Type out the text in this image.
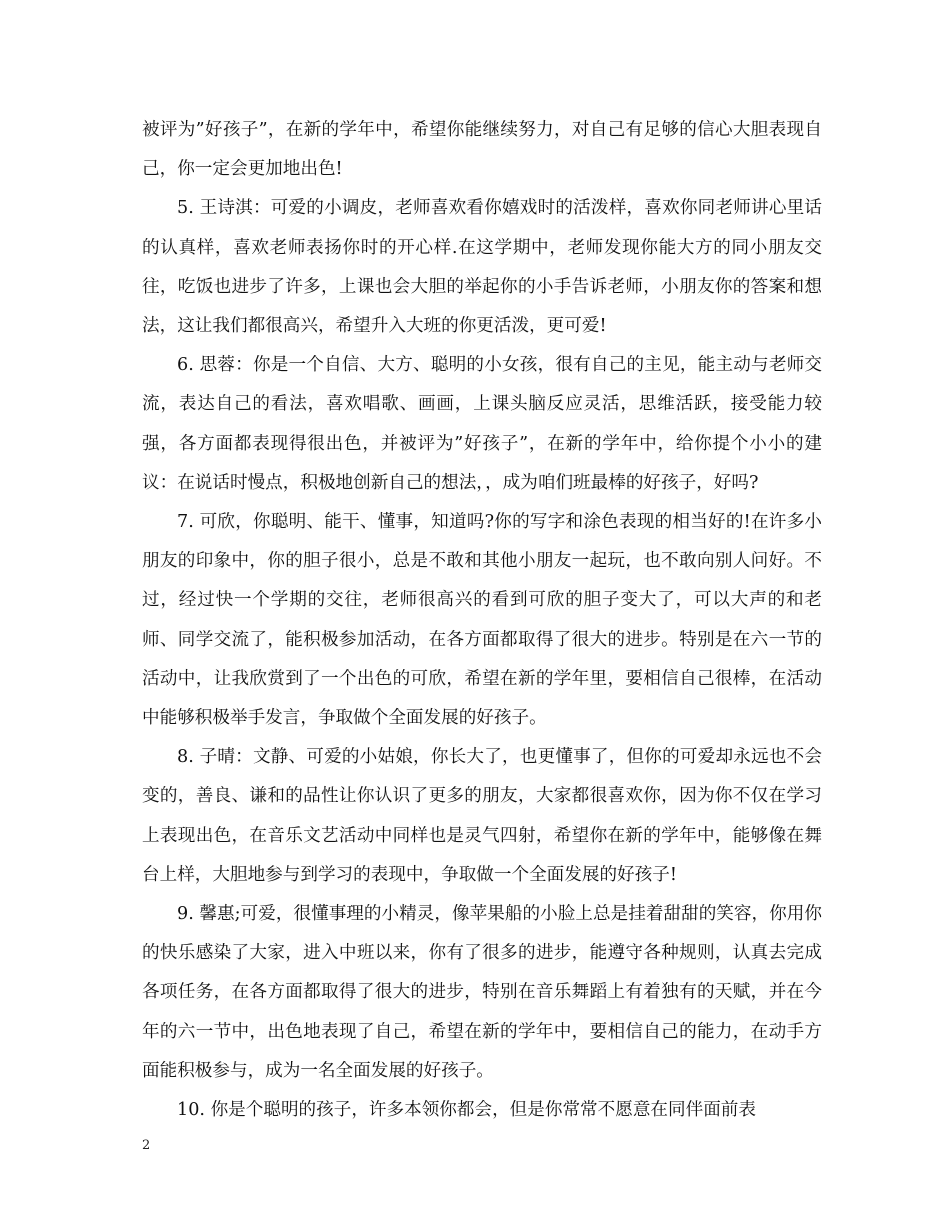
被评为”好孩子”，在新的学年中，希望你能继续努力，对自己有足够的信心大胆表现自己，你一定会更加地出色!

5. 王诗淇：可爱的小调皮，老师喜欢看你嬉戏时的活泼样，喜欢你同老师讲心里话的认真样，喜欢老师表扬你时的开心样.在这学期中，老师发现你能大方的同小朋友交往，吃饭也进步了许多，上课也会大胆的举起你的小手告诉老师，小朋友你的答案和想法，这让我们都很高兴，希望升入大班的你更活泼，更可爱!

6. 思蓉：你是一个自信、大方、聪明的小女孩，很有自己的主见，能主动与老师交流，表达自己的看法，喜欢唱歌、画画，上课头脑反应灵活，思维活跃，接受能力较强，各方面都表现得很出色，并被评为”好孩子”，在新的学年中，给你提个小小的建议：在说话时慢点，积极地创新自己的想法，，成为咱们班最棒的好孩子，好吗?

7. 可欣，你聪明、能干、懂事，知道吗?你的写字和涂色表现的相当好的!在许多小朋友的印象中，你的胆子很小，总是不敢和其他小朋友一起玩，也不敢向别人问好。不过，经过快一个学期的交往，老师很高兴的看到可欣的胆子变大了，可以大声的和老师、同学交流了，能积极参加活动，在各方面都取得了很大的进步。特别是在六一节的活动中，让我欣赏到了一个出色的可欣，希望在新的学年里，要相信自己很棒，在活动中能够积极举手发言，争取做个全面发展的好孩子。

8. 子晴：文静、可爱的小姑娘，你长大了，也更懂事了，但你的可爱却永远也不会变的，善良、谦和的品性让你认识了更多的朋友，大家都很喜欢你，因为你不仅在学习上表现出色，在音乐文艺活动中同样也是灵气四射，希望你在新的学年中，能够像在舞台上样，大胆地参与到学习的表现中，争取做一个全面发展的好孩子!

9. 馨惠;可爱，很懂事理的小精灵，像苹果船的小脸上总是挂着甜甜的笑容，你用你的快乐感染了大家，进入中班以来，你有了很多的进步，能遵守各种规则，认真去完成各项任务，在各方面都取得了很大的进步，特别在音乐舞蹈上有着独有的天赋，并在今年的六一节中，出色地表现了自己，希望在新的学年中，要相信自己的能力，在动手方面能积极参与，成为一名全面发展的好孩子。

10. 你是个聪明的孩子，许多本领你都会，但是你常常不愿意在同伴面前表

2
